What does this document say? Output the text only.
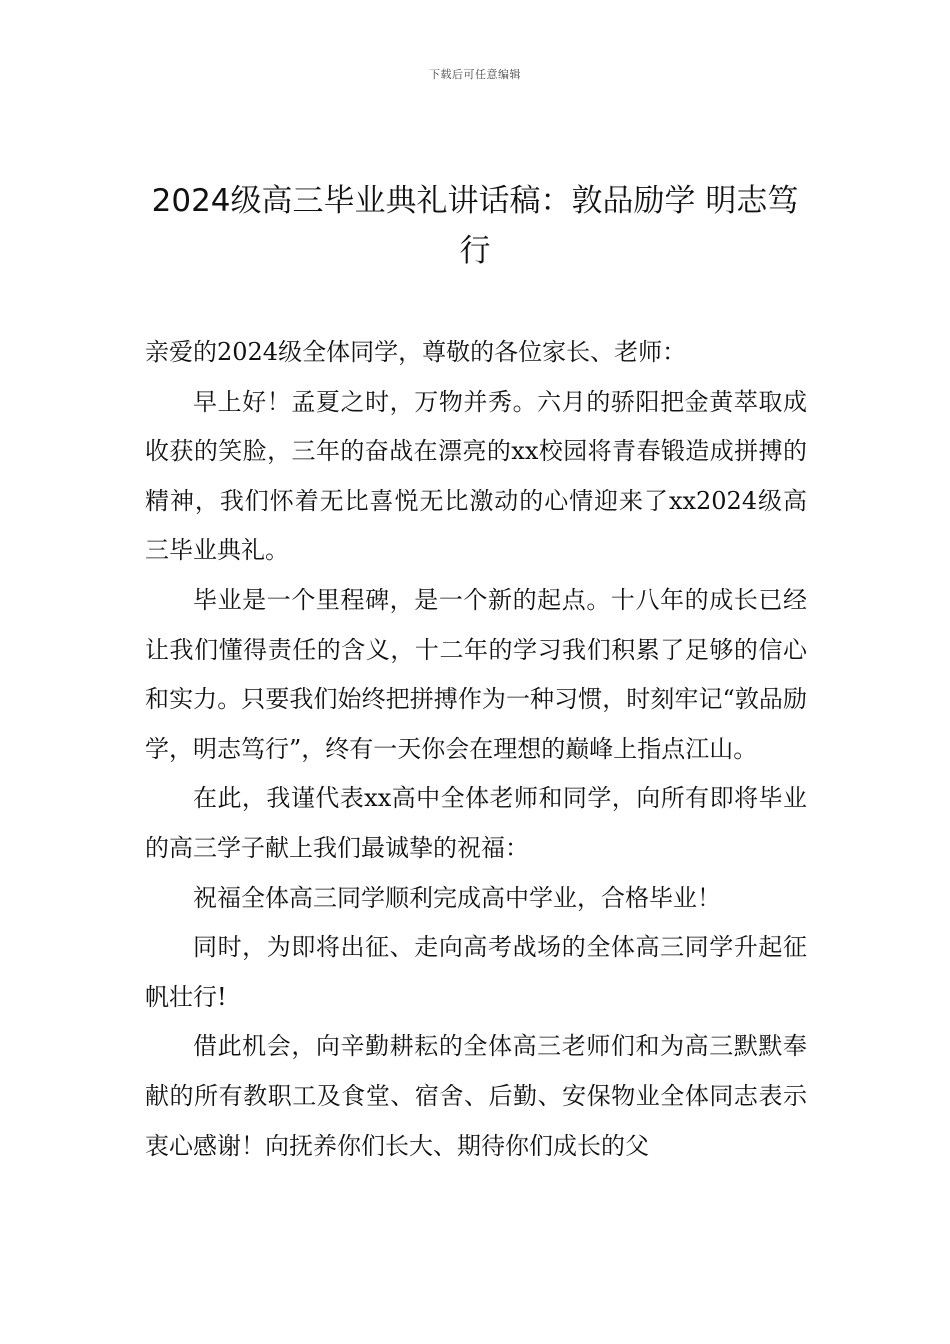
下载后可任意编辑
2024级高三毕业典礼讲话稿：敦品励学 明志笃行

亲爱的2024级全体同学，尊敬的各位家长、老师：

早上好！孟夏之时，万物并秀。六月的骄阳把金黄萃取成收获的笑脸，三年的奋战在漂亮的xx校园将青春锻造成拼搏的精神，我们怀着无比喜悦无比激动的心情迎来了xx2024级高三毕业典礼。

毕业是一个里程碑，是一个新的起点。十八年的成长已经让我们懂得责任的含义，十二年的学习我们积累了足够的信心和实力。只要我们始终把拼搏作为一种习惯，时刻牢记“敦品励学，明志笃行”，终有一天你会在理想的巅峰上指点江山。

在此，我谨代表xx高中全体老师和同学，向所有即将毕业的高三学子献上我们最诚挚的祝福：

祝福全体高三同学顺利完成高中学业，合格毕业！

同时，为即将出征、走向高考战场的全体高三同学升起征帆壮行!

借此机会，向辛勤耕耘的全体高三老师们和为高三默默奉献的所有教职工及食堂、宿舍、后勤、安保物业全体同志表示衷心感谢！向抚养你们长大、期待你们成长的父
